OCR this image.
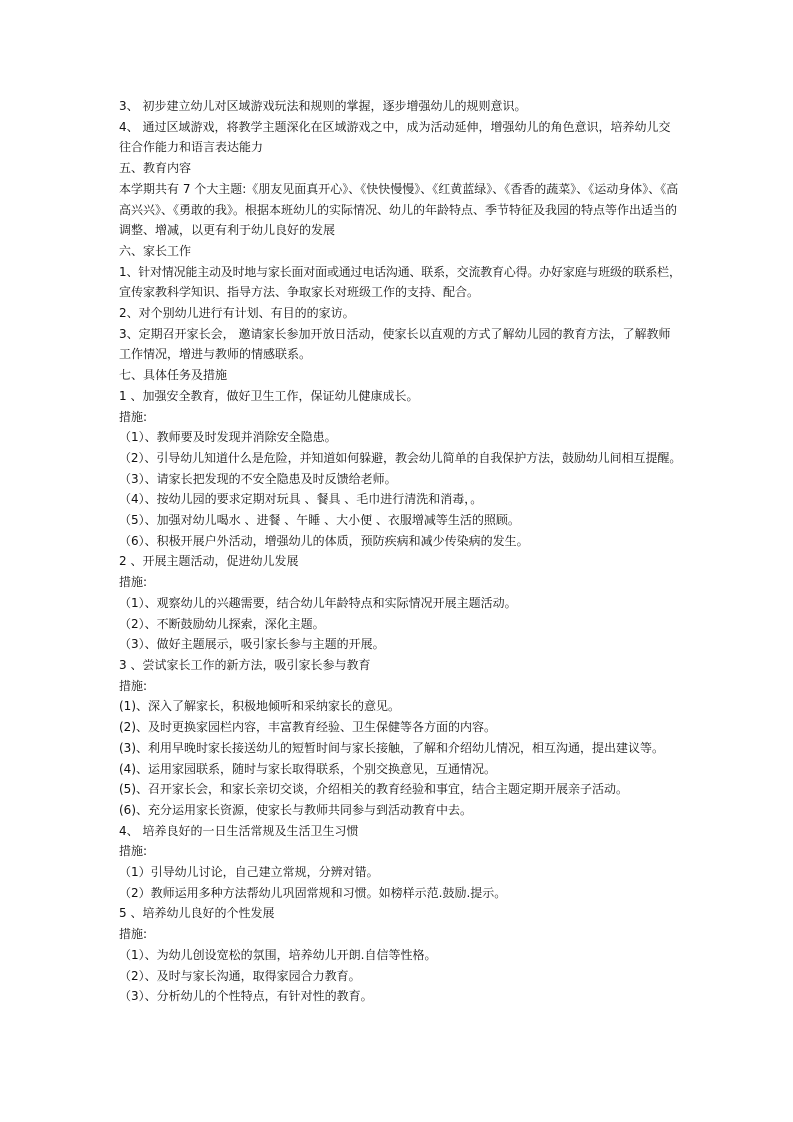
3、 初步建立幼儿对区域游戏玩法和规则的掌握，逐步增强幼儿的规则意识。

4、 通过区域游戏，将教学主题深化在区域游戏之中，成为活动延伸，增强幼儿的角色意识，培养幼儿交

往合作能力和语言表达能力

五、教育内容

本学期共有 7 个大主题:《朋友见面真开心》、《快快慢慢》、《红黄蓝绿》、《香香的蔬菜》、《运动身体》、《高

高兴兴》、《勇敢的我》。根据本班幼儿的实际情况、幼儿的年龄特点、季节特征及我园的特点等作出适当的

调整、增减，以更有利于幼儿良好的发展

六、家长工作

1、针对情况能主动及时地与家长面对面或通过电话沟通、联系，交流教育心得。办好家庭与班级的联系栏，

宣传家教科学知识、指导方法、争取家长对班级工作的支持、配合。

2、对个别幼儿进行有计划、有目的的家访。

3、定期召开家长会， 邀请家长参加开放日活动，使家长以直观的方式了解幼儿园的教育方法，了解教师

工作情况，增进与教师的情感联系。

七、具体任务及措施

1 、加强安全教育，做好卫生工作，保证幼儿健康成长。

措施:

（1）、教师要及时发现并消除安全隐患。

（2）、引导幼儿知道什么是危险，并知道如何躲避，教会幼儿简单的自我保护方法，鼓励幼儿间相互提醒。

（3）、请家长把发现的不安全隐患及时反馈给老师。

（4）、按幼儿园的要求定期对玩具 、餐具 、毛巾进行清洗和消毒，。

（5）、加强对幼儿喝水 、进餐 、午睡 、大小便 、衣服增减等生活的照顾。

（6）、积极开展户外活动，增强幼儿的体质，预防疾病和减少传染病的发生。

2 、开展主题活动，促进幼儿发展

措施:

（1）、观察幼儿的兴趣需要，结合幼儿年龄特点和实际情况开展主题活动。

（2）、不断鼓励幼儿探索，深化主题。

（3）、做好主题展示，吸引家长参与主题的开展。

3 、尝试家长工作的新方法，吸引家长参与教育

措施:

(1)、深入了解家长，积极地倾听和采纳家长的意见。

(2)、及时更换家园栏内容，丰富教育经验、卫生保健等各方面的内容。

(3)、利用早晚时家长接送幼儿的短暂时间与家长接触，了解和介绍幼儿情况，相互沟通，提出建议等。

(4)、运用家园联系，随时与家长取得联系，个别交换意见，互通情况。

(5)、召开家长会，和家长亲切交谈，介绍相关的教育经验和事宜，结合主题定期开展亲子活动。

(6)、充分运用家长资源，使家长与教师共同参与到活动教育中去。

4、 培养良好的一日生活常规及生活卫生习惯

措施:

（1）引导幼儿讨论，自己建立常规，分辨对错。

（2）教师运用多种方法帮幼儿巩固常规和习惯。如榜样示范.鼓励.提示。

5 、培养幼儿良好的个性发展

措施:

（1）、为幼儿创设宽松的氛围，培养幼儿开朗.自信等性格。

（2）、及时与家长沟通，取得家园合力教育。

（3）、分析幼儿的个性特点，有针对性的教育。
